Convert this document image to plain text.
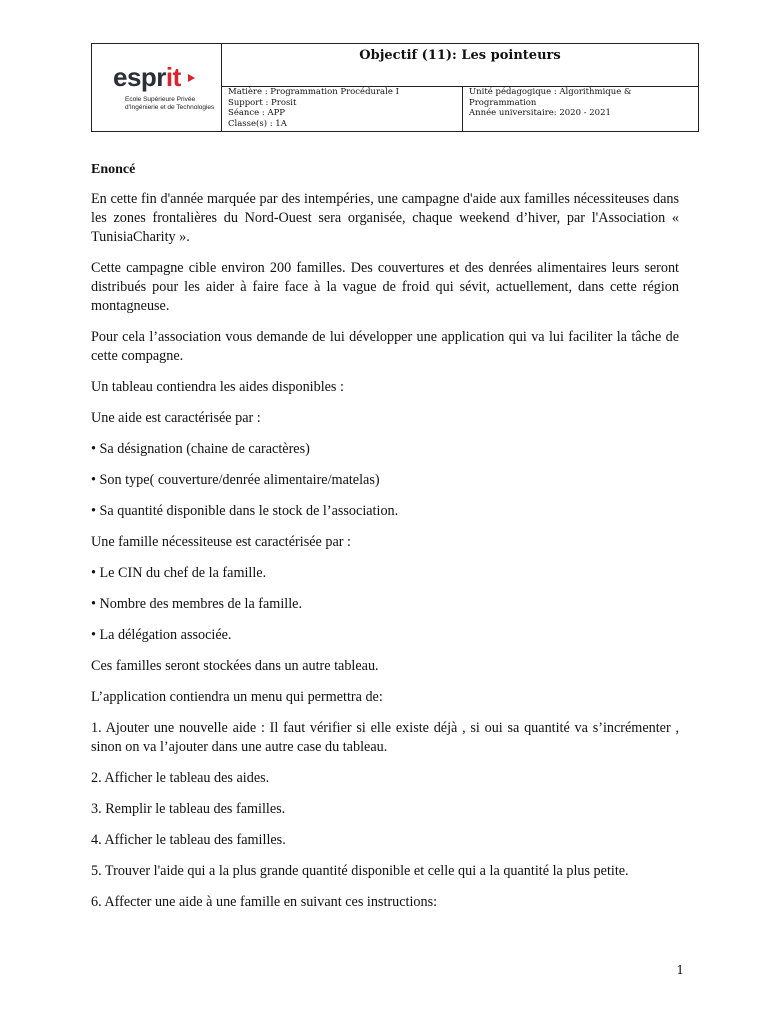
esprit
Ecole Supérieure Privée d'Ingénierie et de Technologies
Objectif (11): Les pointeurs
Matière : Programmation Procédurale I
Support : Prosit
Séance : APP
Classe(s) : 1A
Unité pédagogique : Algorithmique &
Programmation
Année universitaire: 2020 - 2021
Enoncé

En cette fin d'année marquée par des intempéries, une campagne d'aide aux familles nécessiteuses dans les zones frontalières du Nord-Ouest sera organisée, chaque weekend d’hiver, par l'Association « TunisiaCharity ».

Cette campagne cible environ 200 familles. Des couvertures et des denrées alimentaires leurs seront distribués pour les aider à faire face à la vague de froid qui sévit, actuellement, dans cette région montagneuse.

Pour cela l’association vous demande de lui développer une application qui va lui faciliter la tâche de cette compagne.

Un tableau contiendra les aides disponibles :

Une aide est caractérisée par :

• Sa désignation (chaine de caractères)

• Son type( couverture/denrée alimentaire/matelas)

• Sa quantité disponible dans le stock de l’association.

Une famille nécessiteuse est caractérisée par :

• Le CIN du chef de la famille.

• Nombre des membres de la famille.

• La délégation associée.

Ces familles seront stockées dans un autre tableau.

L’application contiendra un menu qui permettra de:

1. Ajouter une nouvelle aide : Il faut vérifier si elle existe déjà , si oui sa quantité va s’incrémenter , sinon on va l’ajouter dans une autre case du tableau.

2. Afficher le tableau des aides.

3. Remplir le tableau des familles.

4. Afficher le tableau des familles.

5. Trouver l'aide qui a la plus grande quantité disponible et celle qui a la quantité la plus petite.

6. Affecter une aide à une famille en suivant ces instructions:

1
